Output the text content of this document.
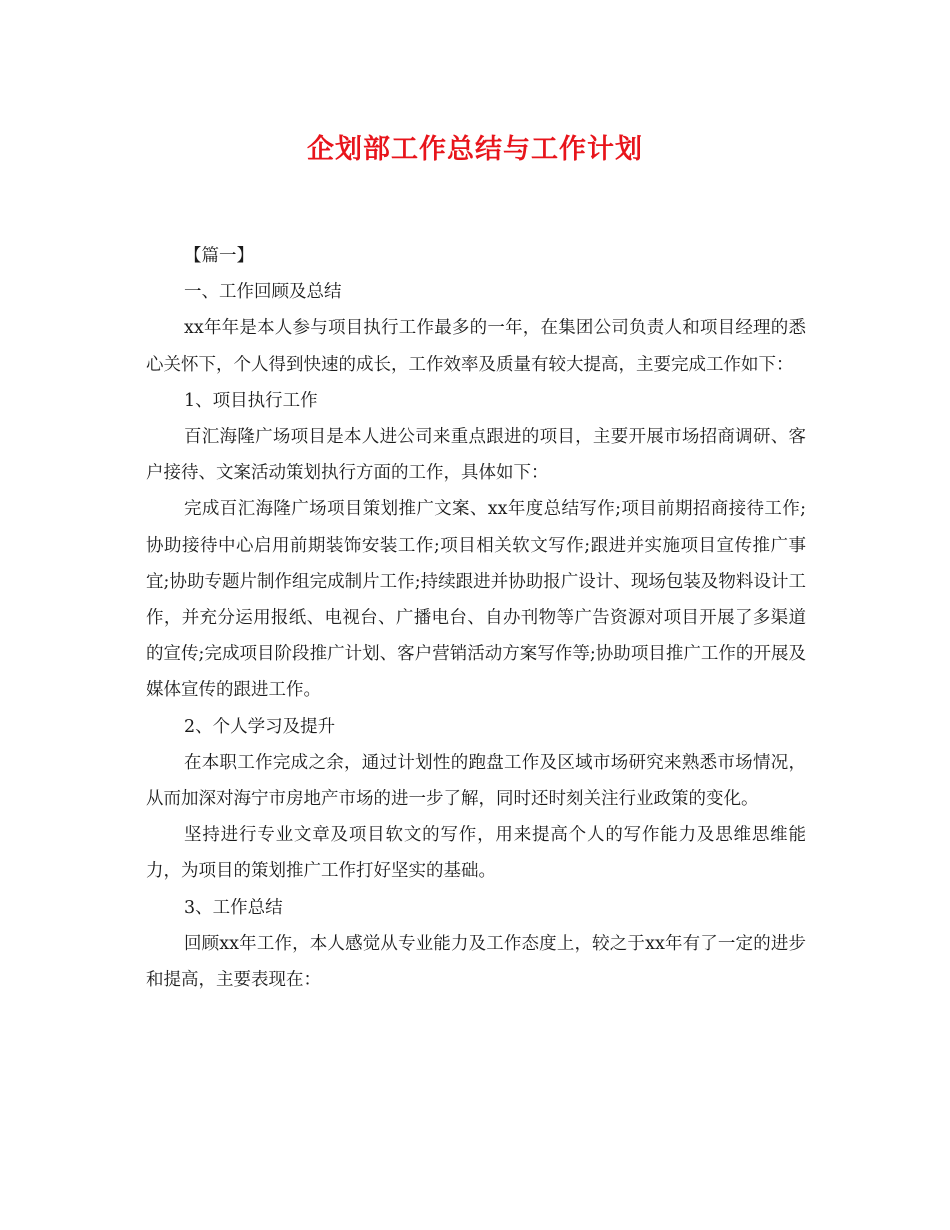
企划部工作总结与工作计划

【篇一】

一、工作回顾及总结

xx年年是本人参与项目执行工作最多的一年，在集团公司负责人和项目经理的悉心关怀下，个人得到快速的成长，工作效率及质量有较大提高，主要完成工作如下：

1、项目执行工作

百汇海隆广场项目是本人进公司来重点跟进的项目，主要开展市场招商调研、客户接待、文案活动策划执行方面的工作，具体如下：

完成百汇海隆广场项目策划推广文案、xx年度总结写作;项目前期招商接待工作;协助接待中心启用前期装饰安装工作;项目相关软文写作;跟进并实施项目宣传推广事宜;协助专题片制作组完成制片工作;持续跟进并协助报广设计、现场包装及物料设计工作，并充分运用报纸、电视台、广播电台、自办刊物等广告资源对项目开展了多渠道的宣传;完成项目阶段推广计划、客户营销活动方案写作等;协助项目推广工作的开展及媒体宣传的跟进工作。

2、个人学习及提升

在本职工作完成之余，通过计划性的跑盘工作及区域市场研究来熟悉市场情况，从而加深对海宁市房地产市场的进一步了解，同时还时刻关注行业政策的变化。

坚持进行专业文章及项目软文的写作，用来提高个人的写作能力及思维思维能力，为项目的策划推广工作打好坚实的基础。

3、工作总结

回顾xx年工作，本人感觉从专业能力及工作态度上，较之于xx年有了一定的进步和提高，主要表现在：
